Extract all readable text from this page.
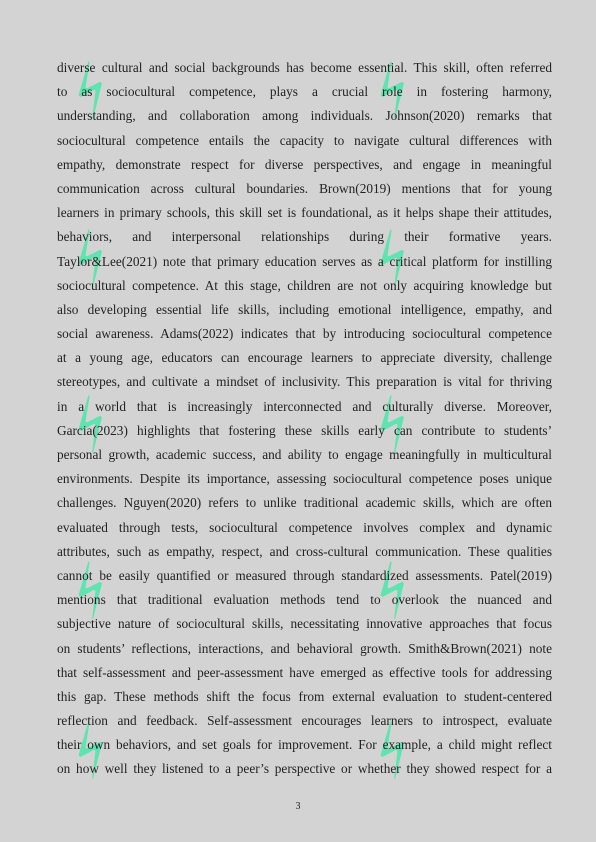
⚡	⚡
⚡	⚡
⚡	⚡
⚡	⚡
⚡	⚡
diverse cultural and social backgrounds has become essential. This skill, often referred
to as sociocultural competence, plays a crucial role in fostering harmony,
understanding, and collaboration among individuals. Johnson(2020) remarks that
sociocultural competence entails the capacity to navigate cultural differences with
empathy, demonstrate respect for diverse perspectives, and engage in meaningful
communication across cultural boundaries. Brown(2019) mentions that for young
learners in primary schools, this skill set is foundational, as it helps shape their attitudes,
behaviors, and interpersonal relationships during their formative years.
Taylor&Lee(2021) note that primary education serves as a critical platform for instilling
sociocultural competence. At this stage, children are not only acquiring knowledge but
also developing essential life skills, including emotional intelligence, empathy, and
social awareness. Adams(2022) indicates that by introducing sociocultural competence
at a young age, educators can encourage learners to appreciate diversity, challenge
stereotypes, and cultivate a mindset of inclusivity. This preparation is vital for thriving
in a world that is increasingly interconnected and culturally diverse. Moreover,
Garcia(2023) highlights that fostering these skills early can contribute to students’
personal growth, academic success, and ability to engage meaningfully in multicultural
environments. Despite its importance, assessing sociocultural competence poses unique
challenges. Nguyen(2020) refers to unlike traditional academic skills, which are often
evaluated through tests, sociocultural competence involves complex and dynamic
attributes, such as empathy, respect, and cross-cultural communication. These qualities
cannot be easily quantified or measured through standardized assessments. Patel(2019)
mentions that traditional evaluation methods tend to overlook the nuanced and
subjective nature of sociocultural skills, necessitating innovative approaches that focus
on students’ reflections, interactions, and behavioral growth. Smith&Brown(2021) note
that self-assessment and peer-assessment have emerged as effective tools for addressing
this gap. These methods shift the focus from external evaluation to student-centered
reflection and feedback. Self-assessment encourages learners to introspect, evaluate
their own behaviors, and set goals for improvement. For example, a child might reflect
on how well they listened to a peer’s perspective or whether they showed respect for a
3
